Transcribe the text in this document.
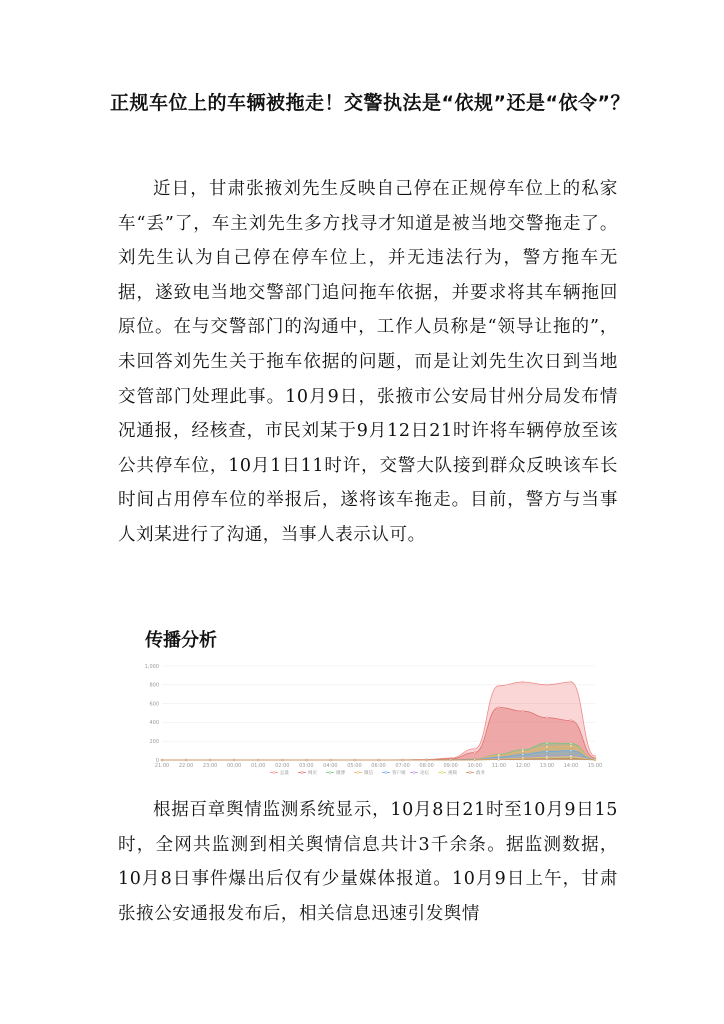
正规车位上的车辆被拖走！交警执法是“依规”还是“依令”？

近日，甘肃张掖刘先生反映自己停在正规停车位上的私家车“丢”了，车主刘先生多方找寻才知道是被当地交警拖走了。刘先生认为自己停在停车位上，并无违法行为，警方拖车无据，遂致电当地交警部门追问拖车依据，并要求将其车辆拖回原位。在与交警部门的沟通中，工作人员称是“领导让拖的”，未回答刘先生关于拖车依据的问题，而是让刘先生次日到当地交管部门处理此事。10月9日，张掖市公安局甘州分局发布情况通报，经核查，市民刘某于9月12日21时许将车辆停放至该公共停车位，10月1日11时许，交警大队接到群众反映该车长时间占用停车位的举报后，遂将该车拖走。目前，警方与当事人刘某进行了沟通，当事人表示认可。

传播分析
1,000
800
600
400
200
0
21:00 22:00 23:00 00:00 01:00 02:00 03:00 04:00 05:00 06:00 07:00 08:00 09:00 10:00 11:00 12:00 13:00 14:00 15:00
总量	网页	微博	微信	客户端	论坛	视频	政务

根据百章舆情监测系统显示，10月8日21时至10月9日15时，全网共监测到相关舆情信息共计3千余条。据监测数据，10月8日事件爆出后仅有少量媒体报道。10月9日上午，甘肃张掖公安通报发布后，相关信息迅速引发舆情
